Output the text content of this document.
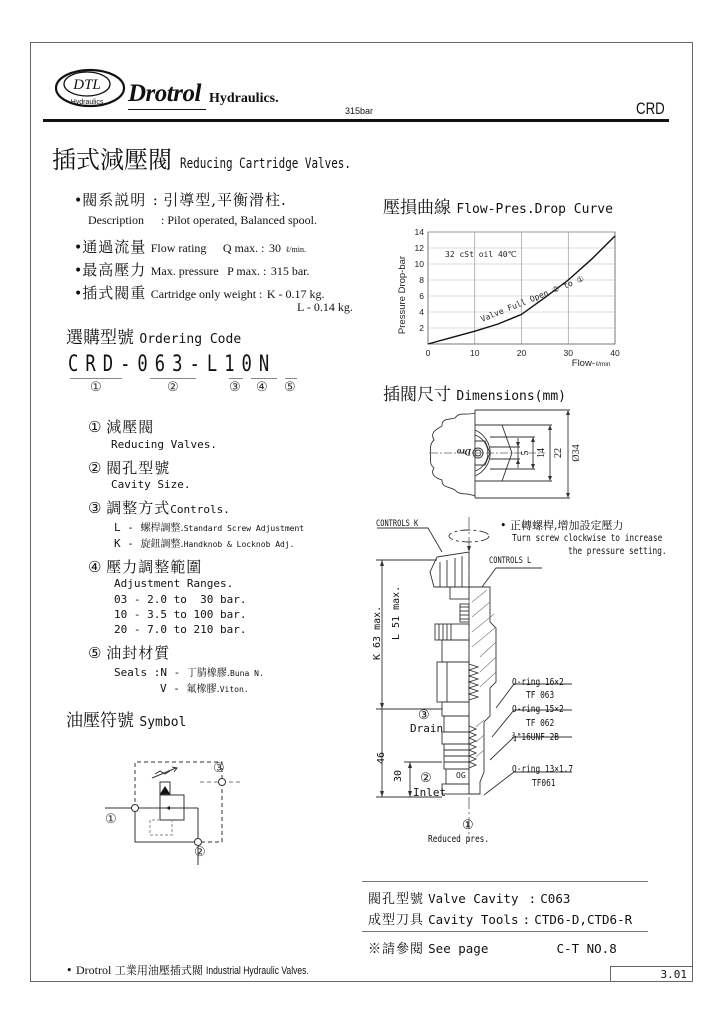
DTL
Hydraulics. Drotrol Hydraulics.
315bar	CRD
插式減壓閥 Reducing Cartridge Valves.
•閥系説明 : 引導型,平衡滑柱.
Description : Pilot operated, Balanced spool.
•通過流量 Flow rating Q max. : 30 ℓ/min.
•最高壓力 Max. pressure P max. : 315 bar.
•插式閥重 Cartridge only weight : K - 0.17 kg.
L - 0.14 kg.
選購型號 Ordering Code
CRD-063-L10N
①	②	③ ④ ⑤
① 減壓閥
Reducing Valves.
② 閥孔型號
Cavity Size.
③ 調整方式Controls.
L - 螺桿調整.Standard Screw Adjustment
K - 旋鈕調整.Handknob & Locknob Adj.
④ 壓力調整範圍
Adjustment Ranges.
03 - 2.0 to  30 bar.
10 - 3.5 to 100 bar.
20 - 7.0 to 210 bar.
⑤ 油封材質
Seals :N - 丁腈橡膠.Buna N.
V - 氟橡膠.Viton.
油壓符號 Symbol
③
①
②
壓損曲線 Flow-Pres.Drop Curve
0	10	20	30	40
2
4
6
8
10
12
14
32 cSt oil 40℃
Valve Full Open ② to ①
Pressure Drop-bar
Flow- ℓ/min
插閥尺寸 Dimensions(mm)
Dro	5 14 22 Ø34
• 正轉螺桿,增加設定壓力
Turn screw clockwise to increase
the pressure setting.
OG
CONTROLS K
CONTROLS L
K 63 max. L 51 max.
46
30
③
Drain
②
Inlet
①
Reduced pres.
O-ring 16×2
TF 063
O-ring 15×2
TF 062
¾"16UNF-2B
O-ring 13×1.7
TF061
閥孔型號 Valve Cavity : C063
成型刀具 Cavity Tools : CTD6-D,CTD6-R
※請參閱 See page	C-T NO.8
• Drotrol 工業用油壓插式閥 Industrial Hydraulic Valves.	3.01
